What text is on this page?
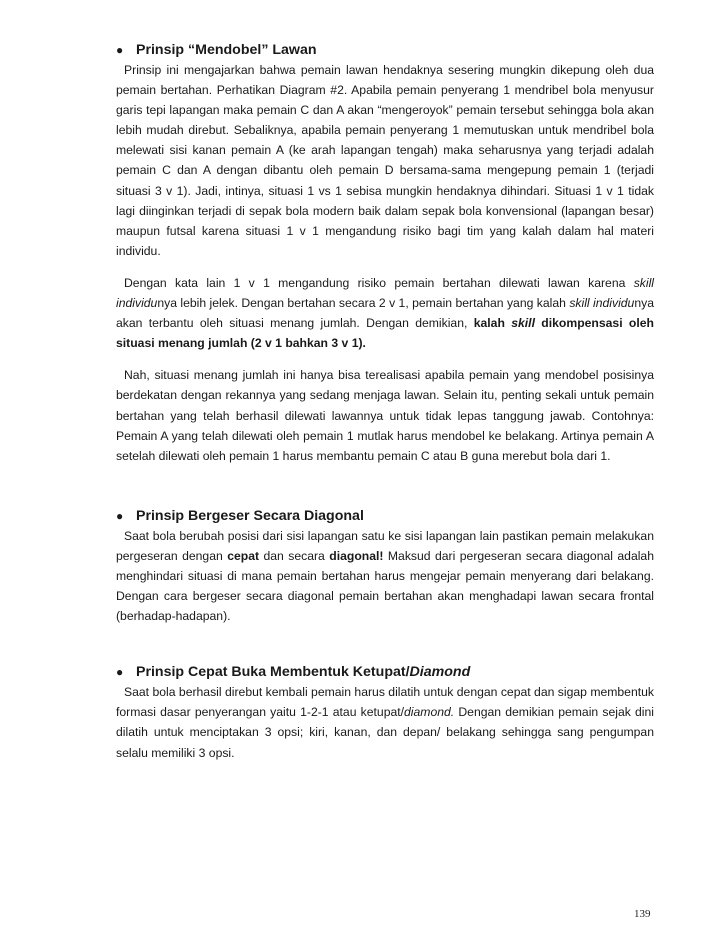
● Prinsip “Mendobel” Lawan

Prinsip ini mengajarkan bahwa pemain lawan hendaknya sesering mungkin dikepung oleh dua pemain bertahan. Perhatikan Diagram #2. Apabila pemain penyerang 1 mendribel bola menyusur garis tepi lapangan maka pemain C dan A akan “mengeroyok” pemain tersebut sehingga bola akan lebih mudah direbut. Sebaliknya, apabila pemain penyerang 1 memutuskan untuk mendribel bola melewati sisi kanan pemain A (ke arah lapangan tengah) maka seharusnya yang terjadi adalah pemain C dan A dengan dibantu oleh pemain D bersama-sama mengepung pemain 1 (terjadi situasi 3 v 1). Jadi, intinya, situasi 1 vs 1 sebisa mungkin hendaknya dihindari. Situasi 1 v 1 tidak lagi diinginkan terjadi di sepak bola modern baik dalam sepak bola konvensional (lapangan besar) maupun futsal karena situasi 1 v 1 mengandung risiko bagi tim yang kalah dalam hal materi individu.

Dengan kata lain 1 v 1 mengandung risiko pemain bertahan dilewati lawan karena skill individunya lebih jelek. Dengan bertahan secara 2 v 1, pemain bertahan yang kalah skill individunya akan terbantu oleh situasi menang jumlah. Dengan demikian, kalah skill dikompensasi oleh situasi menang jumlah (2 v 1 bahkan 3 v 1).

Nah, situasi menang jumlah ini hanya bisa terealisasi apabila pemain yang mendobel posisinya berdekatan dengan rekannya yang sedang menjaga lawan. Selain itu, penting sekali untuk pemain bertahan yang telah berhasil dilewati lawannya untuk tidak lepas tanggung jawab. Contohnya: Pemain A yang telah dilewati oleh pemain 1 mutlak harus mendobel ke belakang. Artinya pemain A setelah dilewati oleh pemain 1 harus membantu pemain C atau B guna merebut bola dari 1.

● Prinsip Bergeser Secara Diagonal

Saat bola berubah posisi dari sisi lapangan satu ke sisi lapangan lain pastikan pemain melakukan pergeseran dengan cepat dan secara diagonal! Maksud dari pergeseran secara diagonal adalah menghindari situasi di mana pemain bertahan harus mengejar pemain menyerang dari belakang. Dengan cara bergeser secara diagonal pemain bertahan akan menghadapi lawan secara frontal (berhadap-hadapan).

● Prinsip Cepat Buka Membentuk Ketupat/Diamond

Saat bola berhasil direbut kembali pemain harus dilatih untuk dengan cepat dan sigap membentuk formasi dasar penyerangan yaitu 1-2-1 atau ketupat/diamond. Dengan demikian pemain sejak dini dilatih untuk menciptakan 3 opsi; kiri, kanan, dan depan/ belakang sehingga sang pengumpan selalu memiliki 3 opsi.

139
